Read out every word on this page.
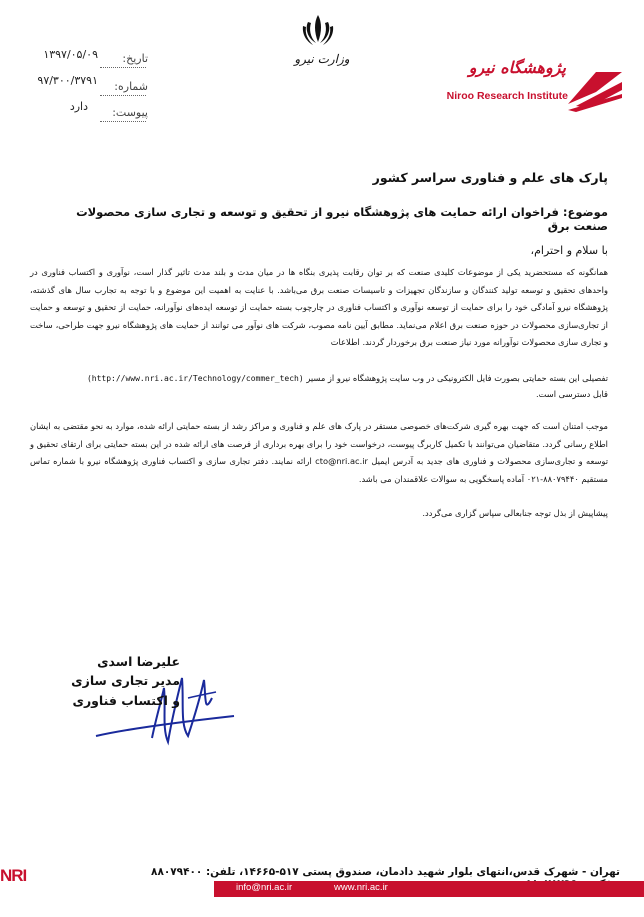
وزارت نیرو	پژوهشگاه نیرو
Niroo Research Institute
تاریخ:
۱۳۹۷/۰۵/۰۹
شماره:
۹۷/۳۰۰/۳۷۹۱
پیوست:
دارد
پارک های علم و فناوری سراسر کشور
موضوع: فراخوان ارائه حمایت های پژوهشگاه نیرو از تحقیق و توسعه و تجاری سازی محصولات صنعت برق
با سلام و احترام،
همانگونه که مستحضرید یکی از موضوعات کلیدی صنعت که بر توان رقابت پذیری بنگاه ها در میان مدت و بلند مدت تاثیر گذار است، نوآوری و اکتساب فناوری در واحدهای تحقیق و توسعه تولید کنندگان و سازندگان تجهیزات و تاسیسات صنعت برق می‌باشد. با عنایت به اهمیت این موضوع و با توجه به تجارب سال های گذشته، پژوهشگاه نیرو آمادگی خود را برای حمایت از توسعه نوآوری و اکتساب فناوری در چارچوب بسته حمایت از توسعه ایده‌های نوآورانه، حمایت از تحقیق و توسعه و حمایت از تجاری‌سازی محصولات در حوزه صنعت برق اعلام می‌نماید. مطابق آیین نامه مصوب، شرکت های نوآور می توانند از حمایت های پژوهشگاه نیرو جهت طراحی، ساخت و تجاری سازی محصولات نوآورانه مورد نیاز صنعت برق برخوردار گردند. اطلاعات
تفصیلی این بسته حمایتی بصورت فایل الکترونیکی در وب سایت پژوهشگاه نیرو از مسیر (http://www.nri.ac.ir/Technology/commer_tech)
قابل دسترسی است.
موجب امتنان است که جهت بهره گیری شرکت‌های خصوصی مستقر در پارک های علم و فناوری و مراکز رشد از بسته حمایتی ارائه شده، موارد به نحو مقتضی به ایشان اطلاع رسانی گردد. متقاضیان می‌توانند با تکمیل کاربرگ پیوست، درخواست خود را برای بهره برداری از فرصت های ارائه شده در این بسته حمایتی برای ارتقای تحقیق و توسعه و تجاری‌سازی محصولات و فناوری های جدید به آدرس ایمیل cto@nri.ac.ir ارائه نمایند. دفتر تجاری سازی و اکتساب فناوری پژوهشگاه نیرو با شماره تماس مستقیم ۸۸۰۷۹۴۴۰-۰۲۱ آماده پاسخگویی به سوالات علاقمندان می باشد.
پیشاپیش از بذل توجه جنابعالی سپاس گزاری می‌گردد.
علیرضا اسدی
مدیر تجاری سازی
و اکتساب فناوری
تهران - شهرک قدس،انتهای بلوار شهید دادمان، صندوق پستی ۵۱۷-۱۴۶۶۵، تلفن: ۸۸۰۷۹۴۰۰
info@nri.ac.ir	www.nri.ac.ir
NRI
